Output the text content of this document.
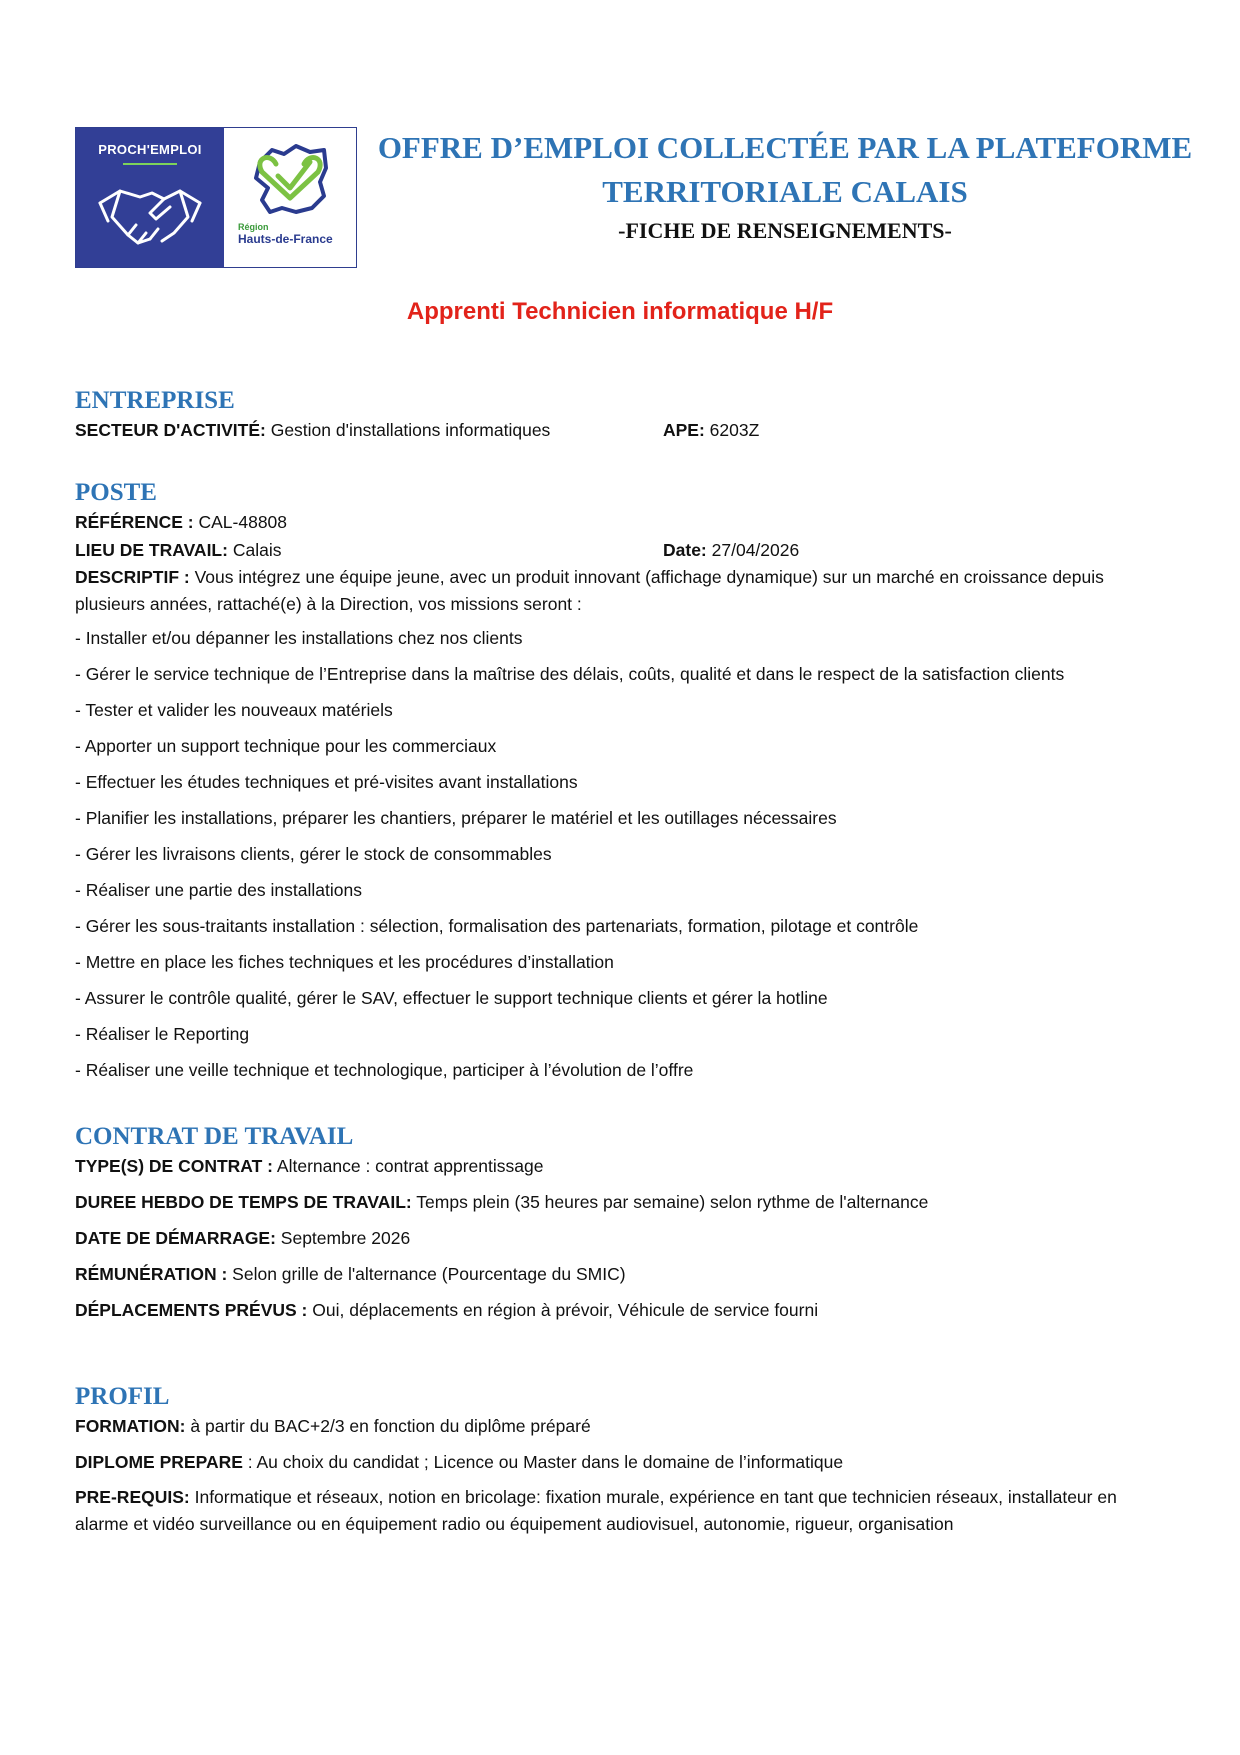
PROCH'EMPLOI
Région
Hauts-de-France
OFFRE D’EMPLOI COLLECTÉE PAR LA PLATEFORME
TERRITORIALE CALAIS
-FICHE DE RENSEIGNEMENTS-
Apprenti Technicien informatique H/F
ENTREPRISE
SECTEUR D'ACTIVITÉ: Gestion d'installations informatiques	APE: 6203Z
POSTE
RÉFÉRENCE : CAL-48808
LIEU DE TRAVAIL: Calais	Date: 27/04/2026
DESCRIPTIF : Vous intégrez une équipe jeune, avec un produit innovant (affichage dynamique) sur un marché en croissance depuis plusieurs années, rattaché(e) à la Direction, vos missions seront :
- Installer et/ou dépanner les installations chez nos clients
- Gérer le service technique de l’Entreprise dans la maîtrise des délais, coûts, qualité et dans le respect de la satisfaction clients
- Tester et valider les nouveaux matériels
- Apporter un support technique pour les commerciaux
- Effectuer les études techniques et pré-visites avant installations
- Planifier les installations, préparer les chantiers, préparer le matériel et les outillages nécessaires
- Gérer les livraisons clients, gérer le stock de consommables
- Réaliser une partie des installations
- Gérer les sous-traitants installation : sélection, formalisation des partenariats, formation, pilotage et contrôle
- Mettre en place les fiches techniques et les procédures d’installation
- Assurer le contrôle qualité, gérer le SAV, effectuer le support technique clients et gérer la hotline
- Réaliser le Reporting
- Réaliser une veille technique et technologique, participer à l’évolution de l’offre
CONTRAT DE TRAVAIL
TYPE(S) DE CONTRAT : Alternance : contrat apprentissage
DUREE HEBDO DE TEMPS DE TRAVAIL: Temps plein (35 heures par semaine) selon rythme de l'alternance
DATE DE DÉMARRAGE: Septembre 2026
RÉMUNÉRATION : Selon grille de l'alternance (Pourcentage du SMIC)
DÉPLACEMENTS PRÉVUS : Oui, déplacements en région à prévoir, Véhicule de service fourni
PROFIL
FORMATION: à partir du BAC+2/3 en fonction du diplôme préparé
DIPLOME PREPARE : Au choix du candidat ; Licence ou Master dans le domaine de l’informatique
PRE-REQUIS: Informatique et réseaux, notion en bricolage: fixation murale, expérience en tant que technicien réseaux, installateur en alarme et vidéo surveillance ou en équipement radio ou équipement audiovisuel, autonomie, rigueur, organisation
